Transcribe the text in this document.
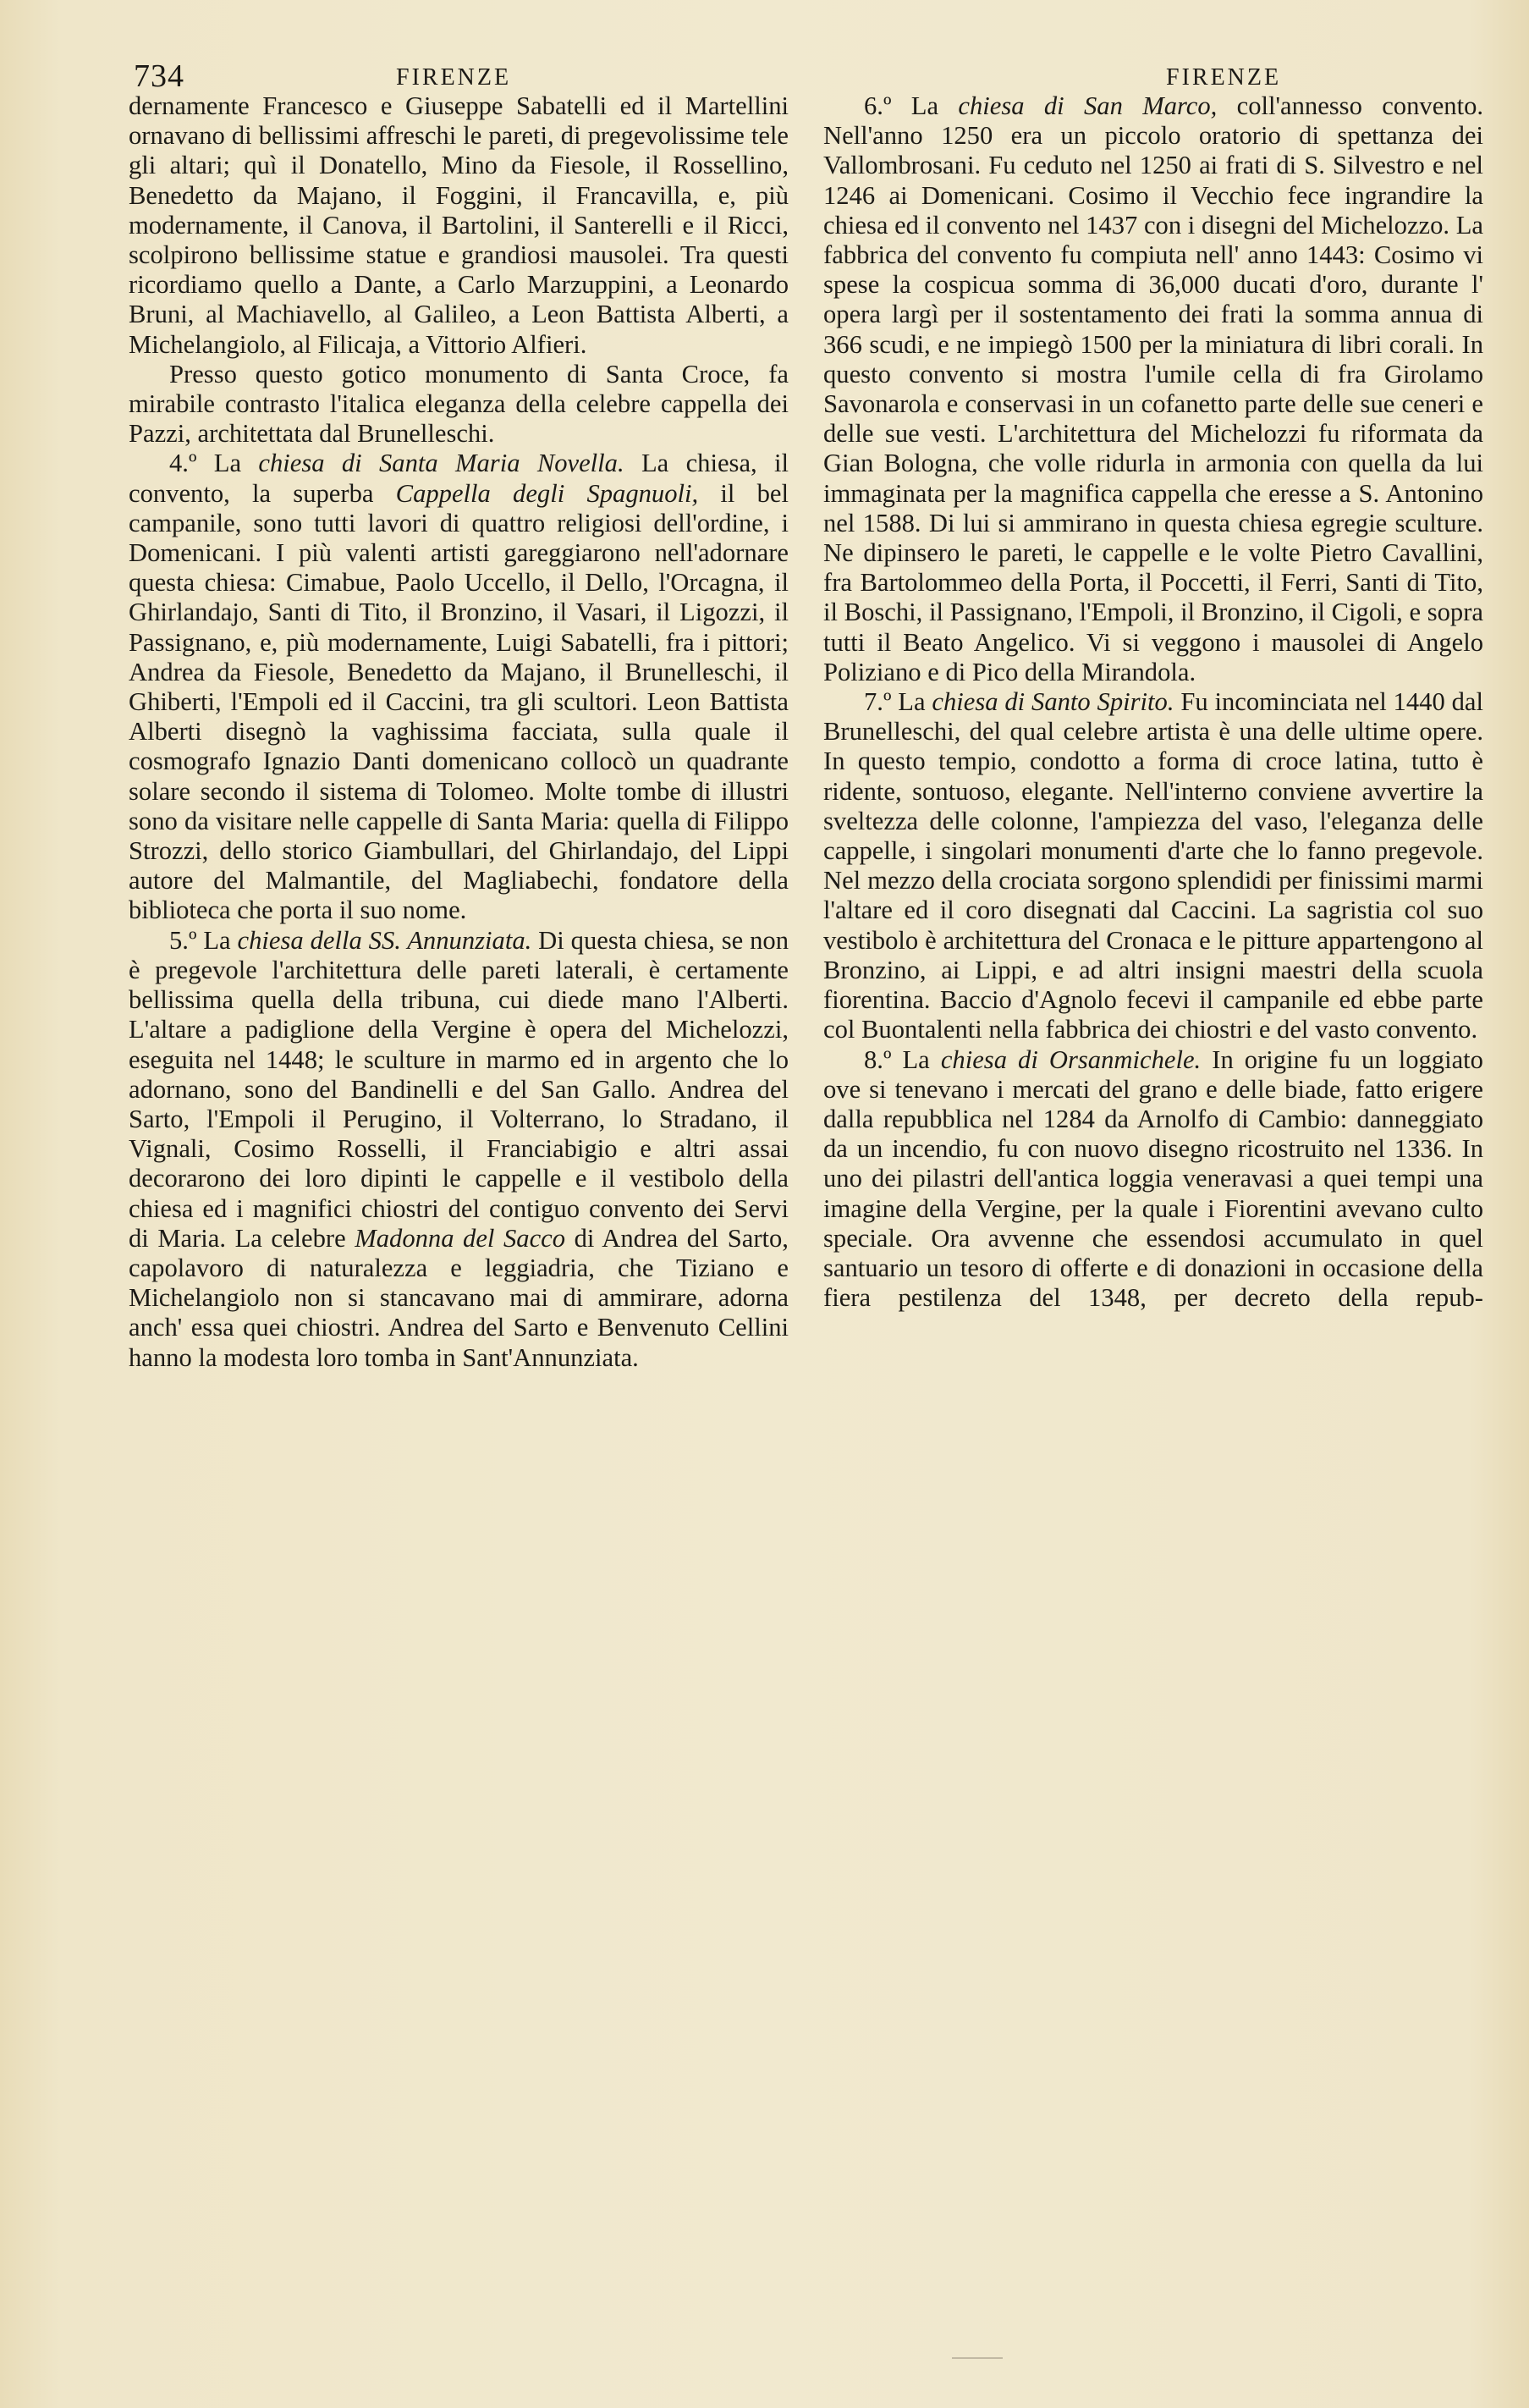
734	FIRENZE	FIRENZE

dernamente Francesco e Giuseppe Sabatelli ed il Martellini ornavano di bellissimi affreschi le pareti, di pregevolissime tele gli altari; quì il Donatello, Mino da Fiesole, il Rossellino, Benedetto da Majano, il Foggini, il Francavilla, e, più modernamente, il Canova, il Bartolini, il Santerelli e il Ricci, scolpirono bellissime statue e grandiosi mausolei. Tra questi ricordiamo quello a Dante, a Carlo Marzuppini, a Leonardo Bruni, al Machiavello, al Galileo, a Leon Battista Alberti, a Michelangiolo, al Filicaja, a Vittorio Alfieri.

Presso questo gotico monumento di Santa Croce, fa mirabile contrasto l'italica eleganza della celebre cappella dei Pazzi, architettata dal Brunelleschi.

4.º La chiesa di Santa Maria Novella. La chiesa, il convento, la superba Cappella degli Spagnuoli, il bel campanile, sono tutti lavori di quattro religiosi dell'ordine, i Domenicani. I più valenti artisti gareggiarono nell'adornare questa chiesa: Cimabue, Paolo Uccello, il Dello, l'Orcagna, il Ghirlandajo, Santi di Tito, il Bronzino, il Vasari, il Ligozzi, il Passignano, e, più modernamente, Luigi Sabatelli, fra i pittori; Andrea da Fiesole, Benedetto da Majano, il Brunelleschi, il Ghiberti, l'Empoli ed il Caccini, tra gli scultori. Leon Battista Alberti disegnò la vaghissima facciata, sulla quale il cosmografo Ignazio Danti domenicano collocò un quadrante solare secondo il sistema di Tolomeo. Molte tombe di illustri sono da visitare nelle cappelle di Santa Maria: quella di Filippo Strozzi, dello storico Giambullari, del Ghirlandajo, del Lippi autore del Malmantile, del Magliabechi, fondatore della biblioteca che porta il suo nome.

5.º La chiesa della SS. Annunziata. Di questa chiesa, se non è pregevole l'architettura delle pareti laterali, è certamente bellissima quella della tribuna, cui diede mano l'Alberti. L'altare a padiglione della Vergine è opera del Michelozzi, eseguita nel 1448; le sculture in marmo ed in argento che lo adornano, sono del Bandinelli e del San Gallo. Andrea del Sarto, l'Empoli il Perugino, il Volterrano, lo Stradano, il Vignali, Cosimo Rosselli, il Franciabigio e altri assai decorarono dei loro dipinti le cappelle e il vestibolo della chiesa ed i magnifici chiostri del contiguo convento dei Servi di Maria. La celebre Madonna del Sacco di Andrea del Sarto, capolavoro di naturalezza e leggiadria, che Tiziano e Michelangiolo non si stancavano mai di ammirare, adorna anch' essa quei chiostri. Andrea del Sarto e Benvenuto Cellini hanno la modesta loro tomba in Sant'Annunziata.

6.º La chiesa di San Marco, coll'annesso convento. Nell'anno 1250 era un piccolo oratorio di spettanza dei Vallombrosani. Fu ceduto nel 1250 ai frati di S. Silvestro e nel 1246 ai Domenicani. Cosimo il Vecchio fece ingrandire la chiesa ed il convento nel 1437 con i disegni del Michelozzo. La fabbrica del convento fu compiuta nell' anno 1443: Cosimo vi spese la cospicua somma di 36,000 ducati d'oro, durante l' opera largì per il sostentamento dei frati la somma annua di 366 scudi, e ne impiegò 1500 per la miniatura di libri corali. In questo convento si mostra l'umile cella di fra Girolamo Savonarola e conservasi in un cofanetto parte delle sue ceneri e delle sue vesti. L'architettura del Michelozzi fu riformata da Gian Bologna, che volle ridurla in armonia con quella da lui immaginata per la magnifica cappella che eresse a S. Antonino nel 1588. Di lui si ammirano in questa chiesa egregie sculture. Ne dipinsero le pareti, le cappelle e le volte Pietro Cavallini, fra Bartolommeo della Porta, il Poccetti, il Ferri, Santi di Tito, il Boschi, il Passignano, l'Empoli, il Bronzino, il Cigoli, e sopra tutti il Beato Angelico. Vi si veggono i mausolei di Angelo Poliziano e di Pico della Mirandola.

7.º La chiesa di Santo Spirito. Fu incominciata nel 1440 dal Brunelleschi, del qual celebre artista è una delle ultime opere. In questo tempio, condotto a forma di croce latina, tutto è ridente, sontuoso, elegante. Nell'interno conviene avvertire la sveltezza delle colonne, l'ampiezza del vaso, l'eleganza delle cappelle, i singolari monumenti d'arte che lo fanno pregevole. Nel mezzo della crociata sorgono splendidi per finissimi marmi l'altare ed il coro disegnati dal Caccini. La sagristia col suo vestibolo è architettura del Cronaca e le pitture appartengono al Bronzino, ai Lippi, e ad altri insigni maestri della scuola fiorentina. Baccio d'Agnolo fecevi il campanile ed ebbe parte col Buontalenti nella fabbrica dei chiostri e del vasto convento.

8.º La chiesa di Orsanmichele. In origine fu un loggiato ove si tenevano i mercati del grano e delle biade, fatto erigere dalla repubblica nel 1284 da Arnolfo di Cambio: danneggiato da un incendio, fu con nuovo disegno ricostruito nel 1336. In uno dei pilastri dell'antica loggia veneravasi a quei tempi una imagine della Vergine, per la quale i Fiorentini avevano culto speciale. Ora avvenne che essendosi accumulato in quel santuario un tesoro di offerte e di donazioni in occasione della fiera pestilenza del 1348, per decreto della repub-
